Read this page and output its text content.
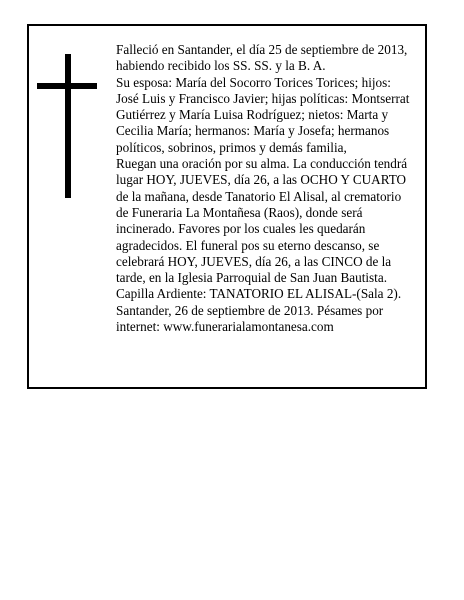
Falleció en Santander, el día 25 de septiembre de 2013,
habiendo recibido los SS. SS. y la B. A.
Su esposa: María del Socorro Torices Torices; hijos:
José Luis y Francisco Javier; hijas políticas: Montserrat
Gutiérrez y María Luisa Rodríguez; nietos: Marta y
Cecilia María; hermanos: María y Josefa; hermanos
políticos, sobrinos, primos y demás familia,
Ruegan una oración por su alma. La conducción tendrá
lugar HOY, JUEVES, día 26, a las OCHO Y CUARTO
de la mañana, desde Tanatorio El Alisal, al crematorio
de Funeraria La Montañesa (Raos), donde será
incinerado. Favores por los cuales les quedarán
agradecidos. El funeral pos su eterno descanso, se
celebrará HOY, JUEVES, día 26, a las CINCO de la
tarde, en la Iglesia Parroquial de San Juan Bautista.
Capilla Ardiente: TANATORIO EL ALISAL-(Sala 2).
Santander, 26 de septiembre de 2013. Pésames por
internet: www.funerarialamontanesa.com
